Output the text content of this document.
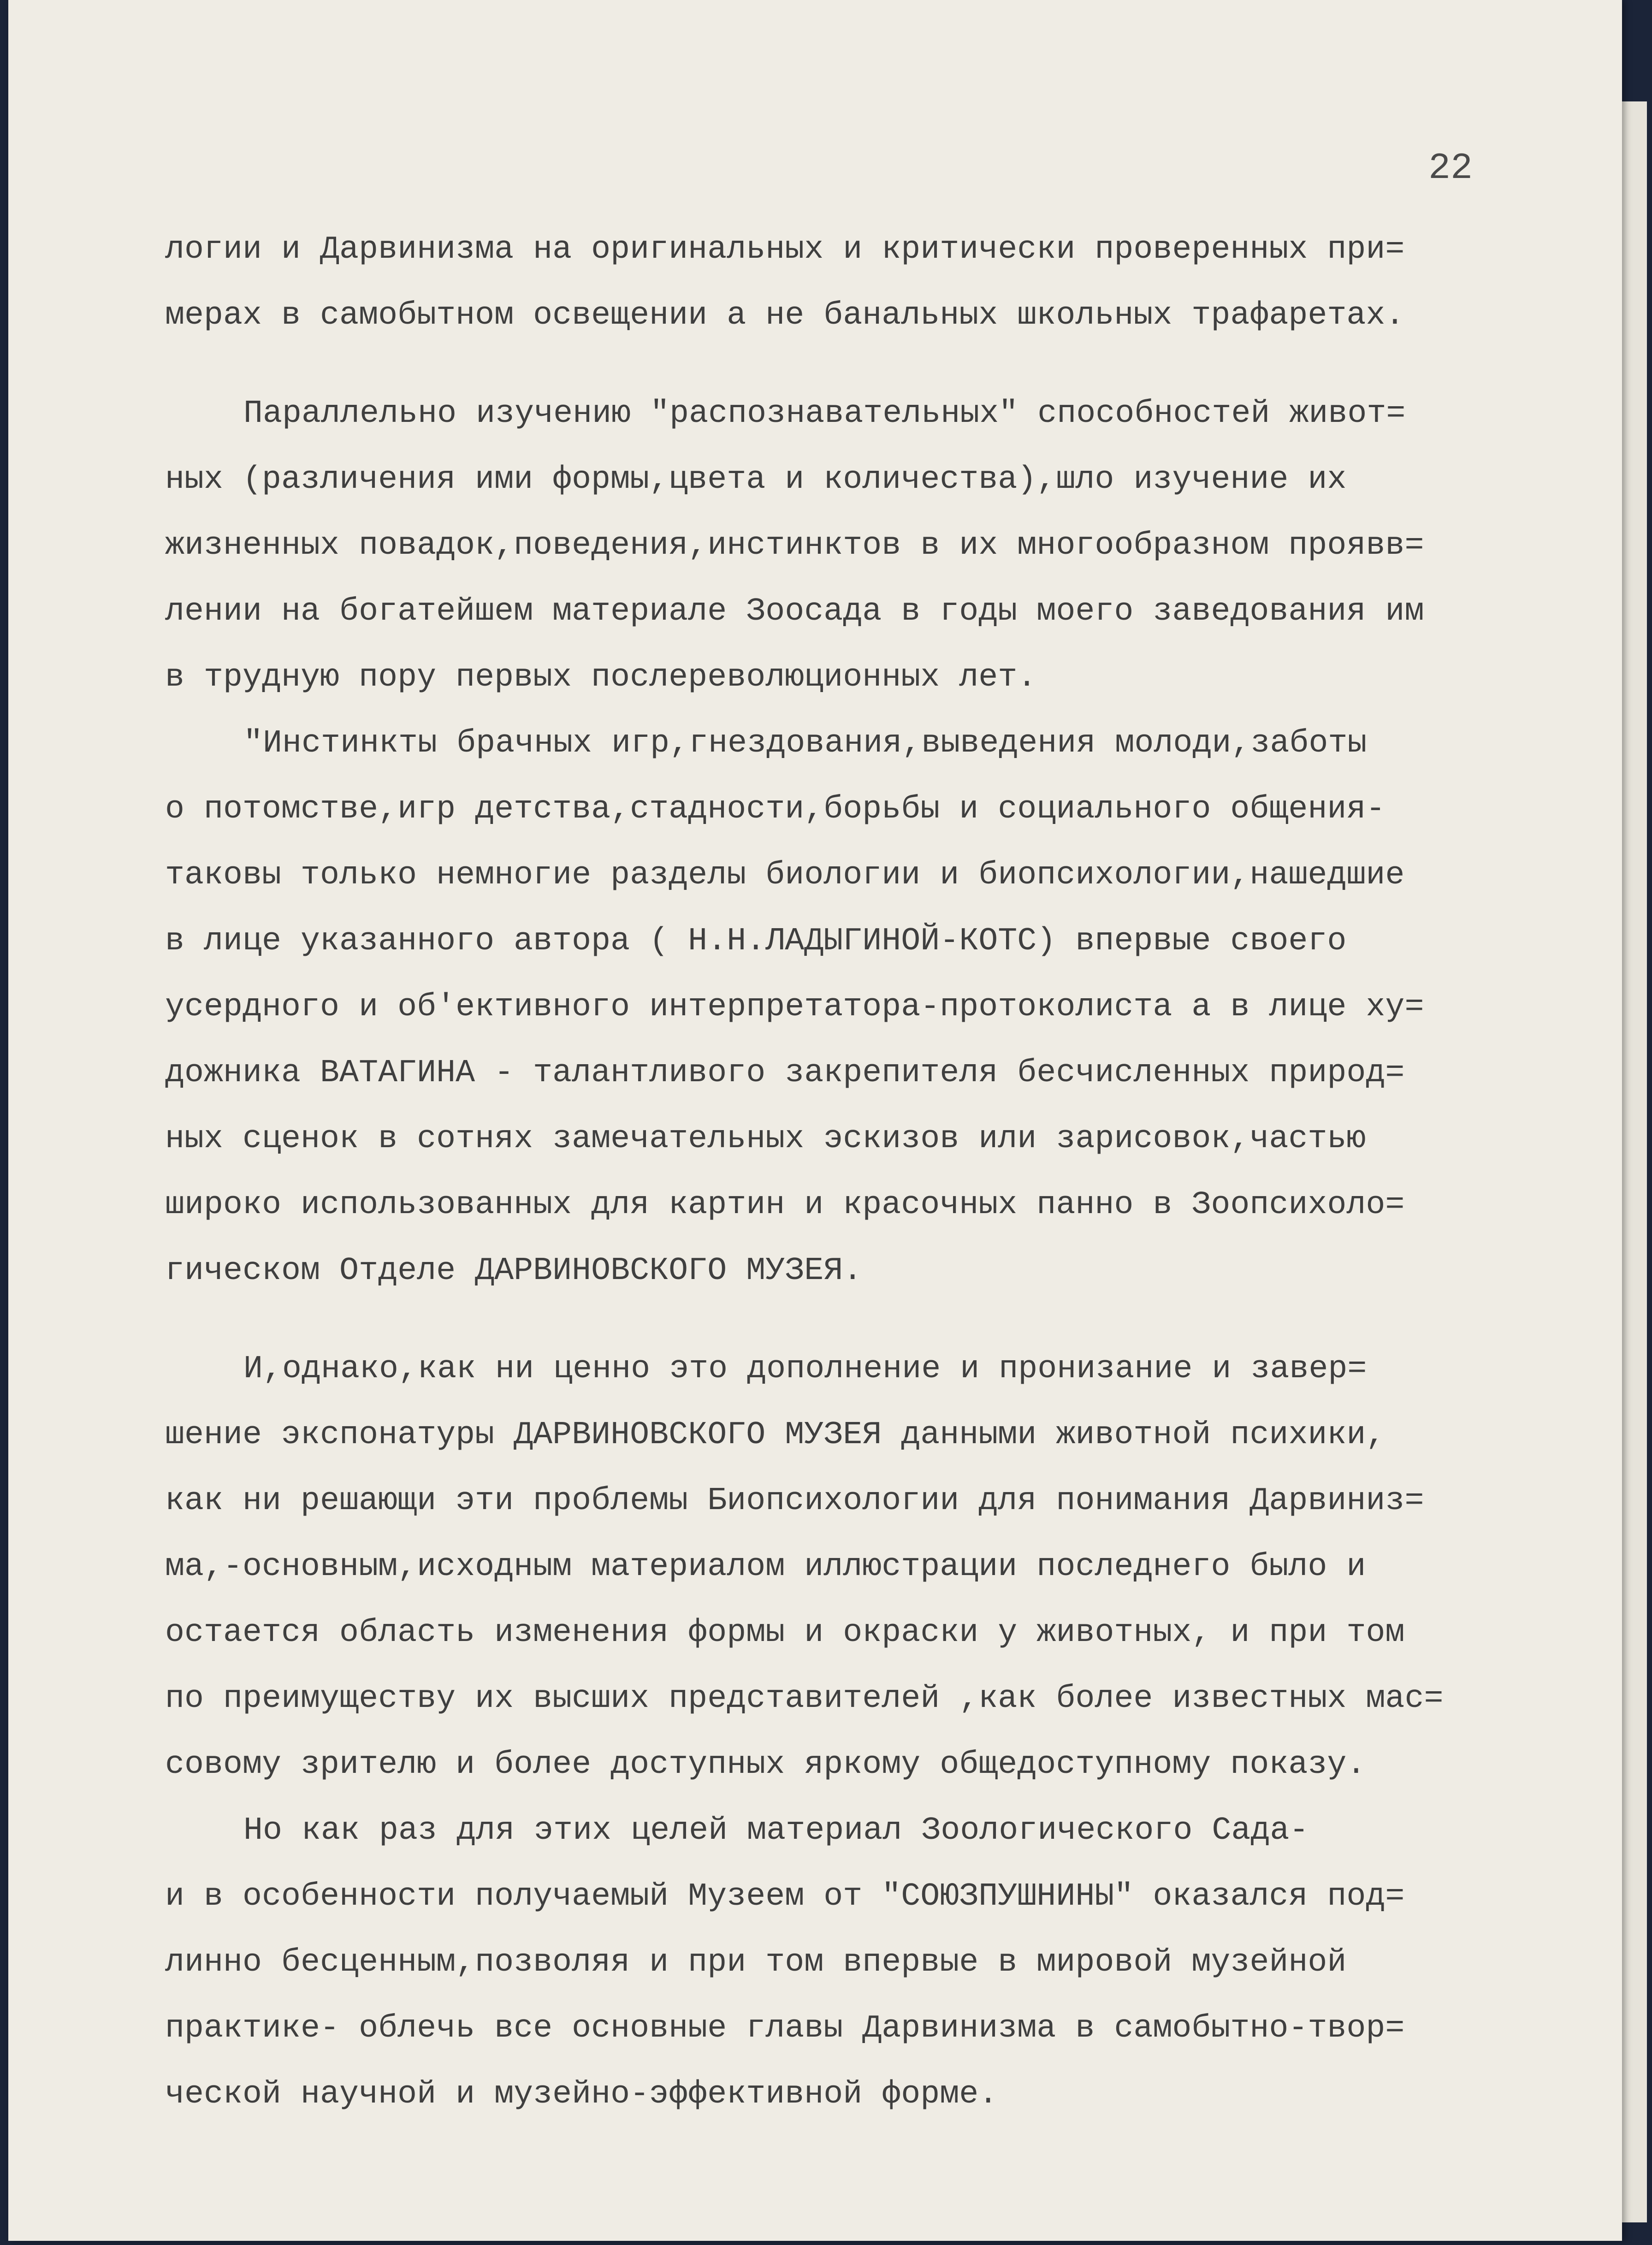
22

логии и Дарвинизма на оригинальных и критически проверенных при=
мерах в самобытном освещении а не банальных школьных трафаретах.
Параллельно изучению "распознавательных" способностей живот=
ных (различения ими формы,цвета и количества),шло изучение их
жизненных повадок,поведения,инстинктов в их многообразном проявв=
лении на богатейшем материале Зоосада в годы моего заведования им
в трудную пору первых послереволюционных лет.
"Инстинкты брачных игр,гнездования,выведения молоди,заботы
о потомстве,игр детства,стадности,борьбы и социального общения-
таковы только немногие разделы биологии и биопсихологии,нашедшие
в лице указанного автора ( Н.Н.ЛАДЫГИНОЙ-КОТС) впервые своего
усердного и об'ективного интерпретатора-протоколиста а в лице ху=
дожника ВАТАГИНА - талантливого закрепителя бесчисленных природ=
ных сценок в сотнях замечательных эскизов или зарисовок,частью
широко использованных для картин и красочных панно в Зоопсихоло=
гическом Отделе ДАРВИНОВСКОГО МУЗЕЯ.
И,однако,как ни ценно это дополнение и пронизание и завер=
шение экспонатуры ДАРВИНОВСКОГО МУЗЕЯ данными животной психики,
как ни решающи эти проблемы Биопсихологии для понимания Дарвиниз=
ма,-основным,исходным материалом иллюстрации последнего было и
остается область изменения формы и окраски у животных, и при том
по преимуществу их высших представителей ,как более известных мас=
совому зрителю и более доступных яркому общедоступному показу.
Но как раз для этих целей материал Зоологического Сада-
и в особенности получаемый Музеем от "СОЮЗПУШНИНЫ" оказался под=
линно бесценным,позволяя и при том впервые в мировой музейной
практике- облечь все основные главы Дарвинизма в самобытно-твор=
ческой научной и музейно-эффективной форме.
